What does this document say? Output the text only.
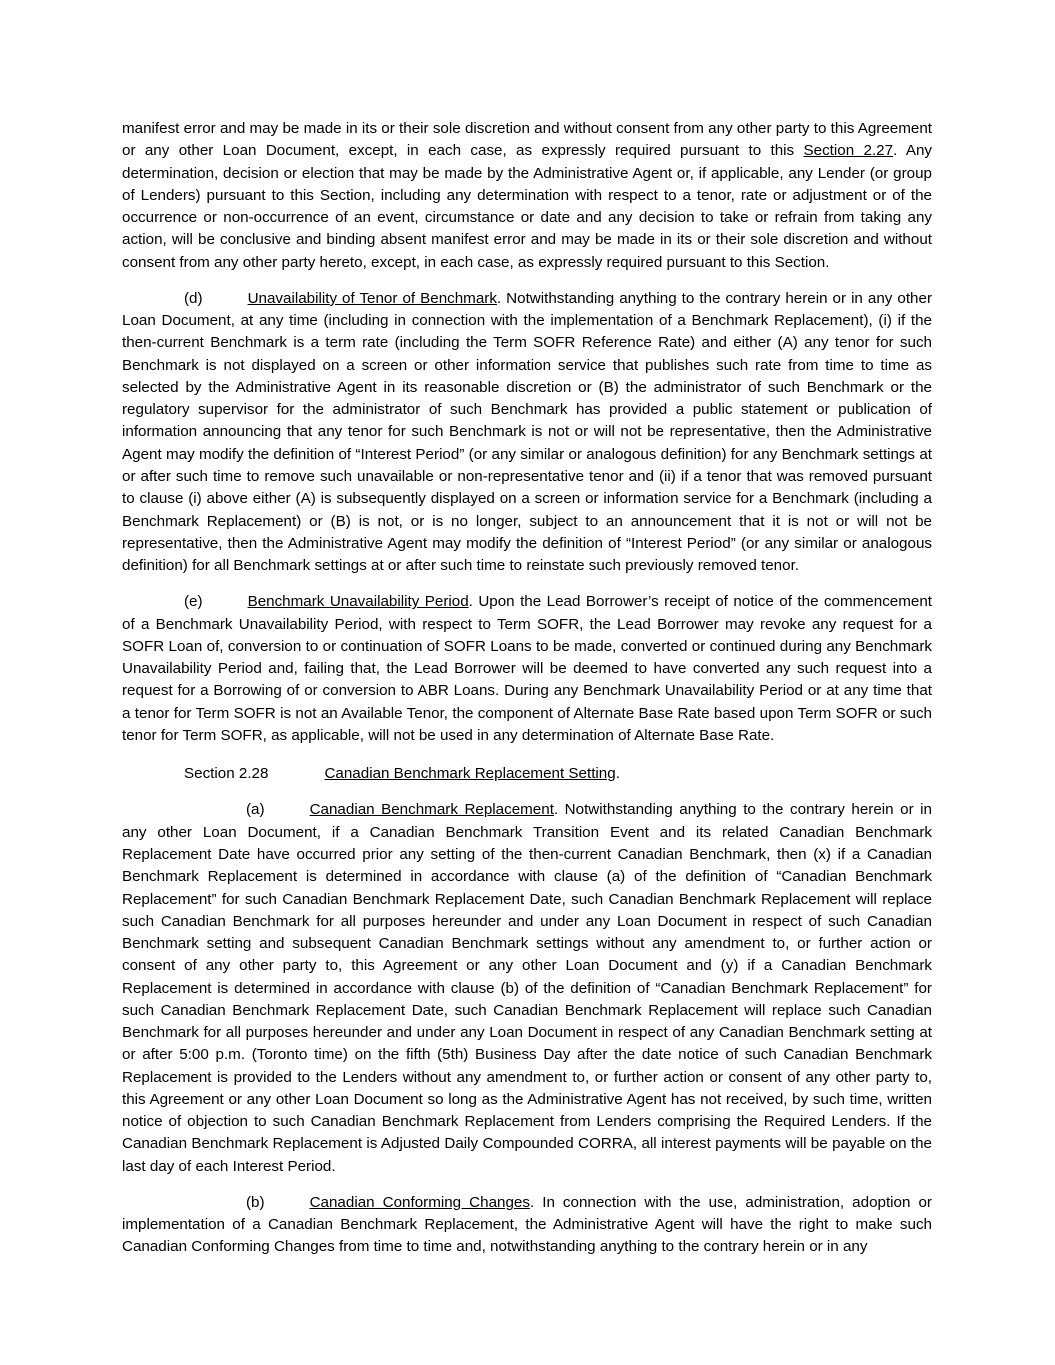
manifest error and may be made in its or their sole discretion and without consent from any other party to this Agreement or any other Loan Document, except, in each case, as expressly required pursuant to this Section 2.27. Any determination, decision or election that may be made by the Administrative Agent or, if applicable, any Lender (or group of Lenders) pursuant to this Section, including any determination with respect to a tenor, rate or adjustment or of the occurrence or non-occurrence of an event, circumstance or date and any decision to take or refrain from taking any action, will be conclusive and binding absent manifest error and may be made in its or their sole discretion and without consent from any other party hereto, except, in each case, as expressly required pursuant to this Section.

(d)	Unavailability of Tenor of Benchmark. Notwithstanding anything to the contrary herein or in any other Loan Document, at any time (including in connection with the implementation of a Benchmark Replacement), (i) if the then-current Benchmark is a term rate (including the Term SOFR Reference Rate) and either (A) any tenor for such Benchmark is not displayed on a screen or other information service that publishes such rate from time to time as selected by the Administrative Agent in its reasonable discretion or (B) the administrator of such Benchmark or the regulatory supervisor for the administrator of such Benchmark has provided a public statement or publication of information announcing that any tenor for such Benchmark is not or will not be representative, then the Administrative Agent may modify the definition of “Interest Period” (or any similar or analogous definition) for any Benchmark settings at or after such time to remove such unavailable or non-representative tenor and (ii) if a tenor that was removed pursuant to clause (i) above either (A) is subsequently displayed on a screen or information service for a Benchmark (including a Benchmark Replacement) or (B) is not, or is no longer, subject to an announcement that it is not or will not be representative, then the Administrative Agent may modify the definition of “Interest Period” (or any similar or analogous definition) for all Benchmark settings at or after such time to reinstate such previously removed tenor.

(e)	Benchmark Unavailability Period. Upon the Lead Borrower’s receipt of notice of the commencement of a Benchmark Unavailability Period, with respect to Term SOFR, the Lead Borrower may revoke any request for a SOFR Loan of, conversion to or continuation of SOFR Loans to be made, converted or continued during any Benchmark Unavailability Period and, failing that, the Lead Borrower will be deemed to have converted any such request into a request for a Borrowing of or conversion to ABR Loans. During any Benchmark Unavailability Period or at any time that a tenor for Term SOFR is not an Available Tenor, the component of Alternate Base Rate based upon Term SOFR or such tenor for Term SOFR, as applicable, will not be used in any determination of Alternate Base Rate.

Section 2.28	Canadian Benchmark Replacement Setting.

(a)	Canadian Benchmark Replacement. Notwithstanding anything to the contrary herein or in any other Loan Document, if a Canadian Benchmark Transition Event and its related Canadian Benchmark Replacement Date have occurred prior any setting of the then-current Canadian Benchmark, then (x) if a Canadian Benchmark Replacement is determined in accordance with clause (a) of the definition of “Canadian Benchmark Replacement” for such Canadian Benchmark Replacement Date, such Canadian Benchmark Replacement will replace such Canadian Benchmark for all purposes hereunder and under any Loan Document in respect of such Canadian Benchmark setting and subsequent Canadian Benchmark settings without any amendment to, or further action or consent of any other party to, this Agreement or any other Loan Document and (y) if a Canadian Benchmark Replacement is determined in accordance with clause (b) of the definition of “Canadian Benchmark Replacement” for such Canadian Benchmark Replacement Date, such Canadian Benchmark Replacement will replace such Canadian Benchmark for all purposes hereunder and under any Loan Document in respect of any Canadian Benchmark setting at or after 5:00 p.m. (Toronto time) on the fifth (5th) Business Day after the date notice of such Canadian Benchmark Replacement is provided to the Lenders without any amendment to, or further action or consent of any other party to, this Agreement or any other Loan Document so long as the Administrative Agent has not received, by such time, written notice of objection to such Canadian Benchmark Replacement from Lenders comprising the Required Lenders. If the Canadian Benchmark Replacement is Adjusted Daily Compounded CORRA, all interest payments will be payable on the last day of each Interest Period.

(b)	Canadian Conforming Changes. In connection with the use, administration, adoption or implementation of a Canadian Benchmark Replacement, the Administrative Agent will have the right to make such Canadian Conforming Changes from time to time and, notwithstanding anything to the contrary herein or in any
